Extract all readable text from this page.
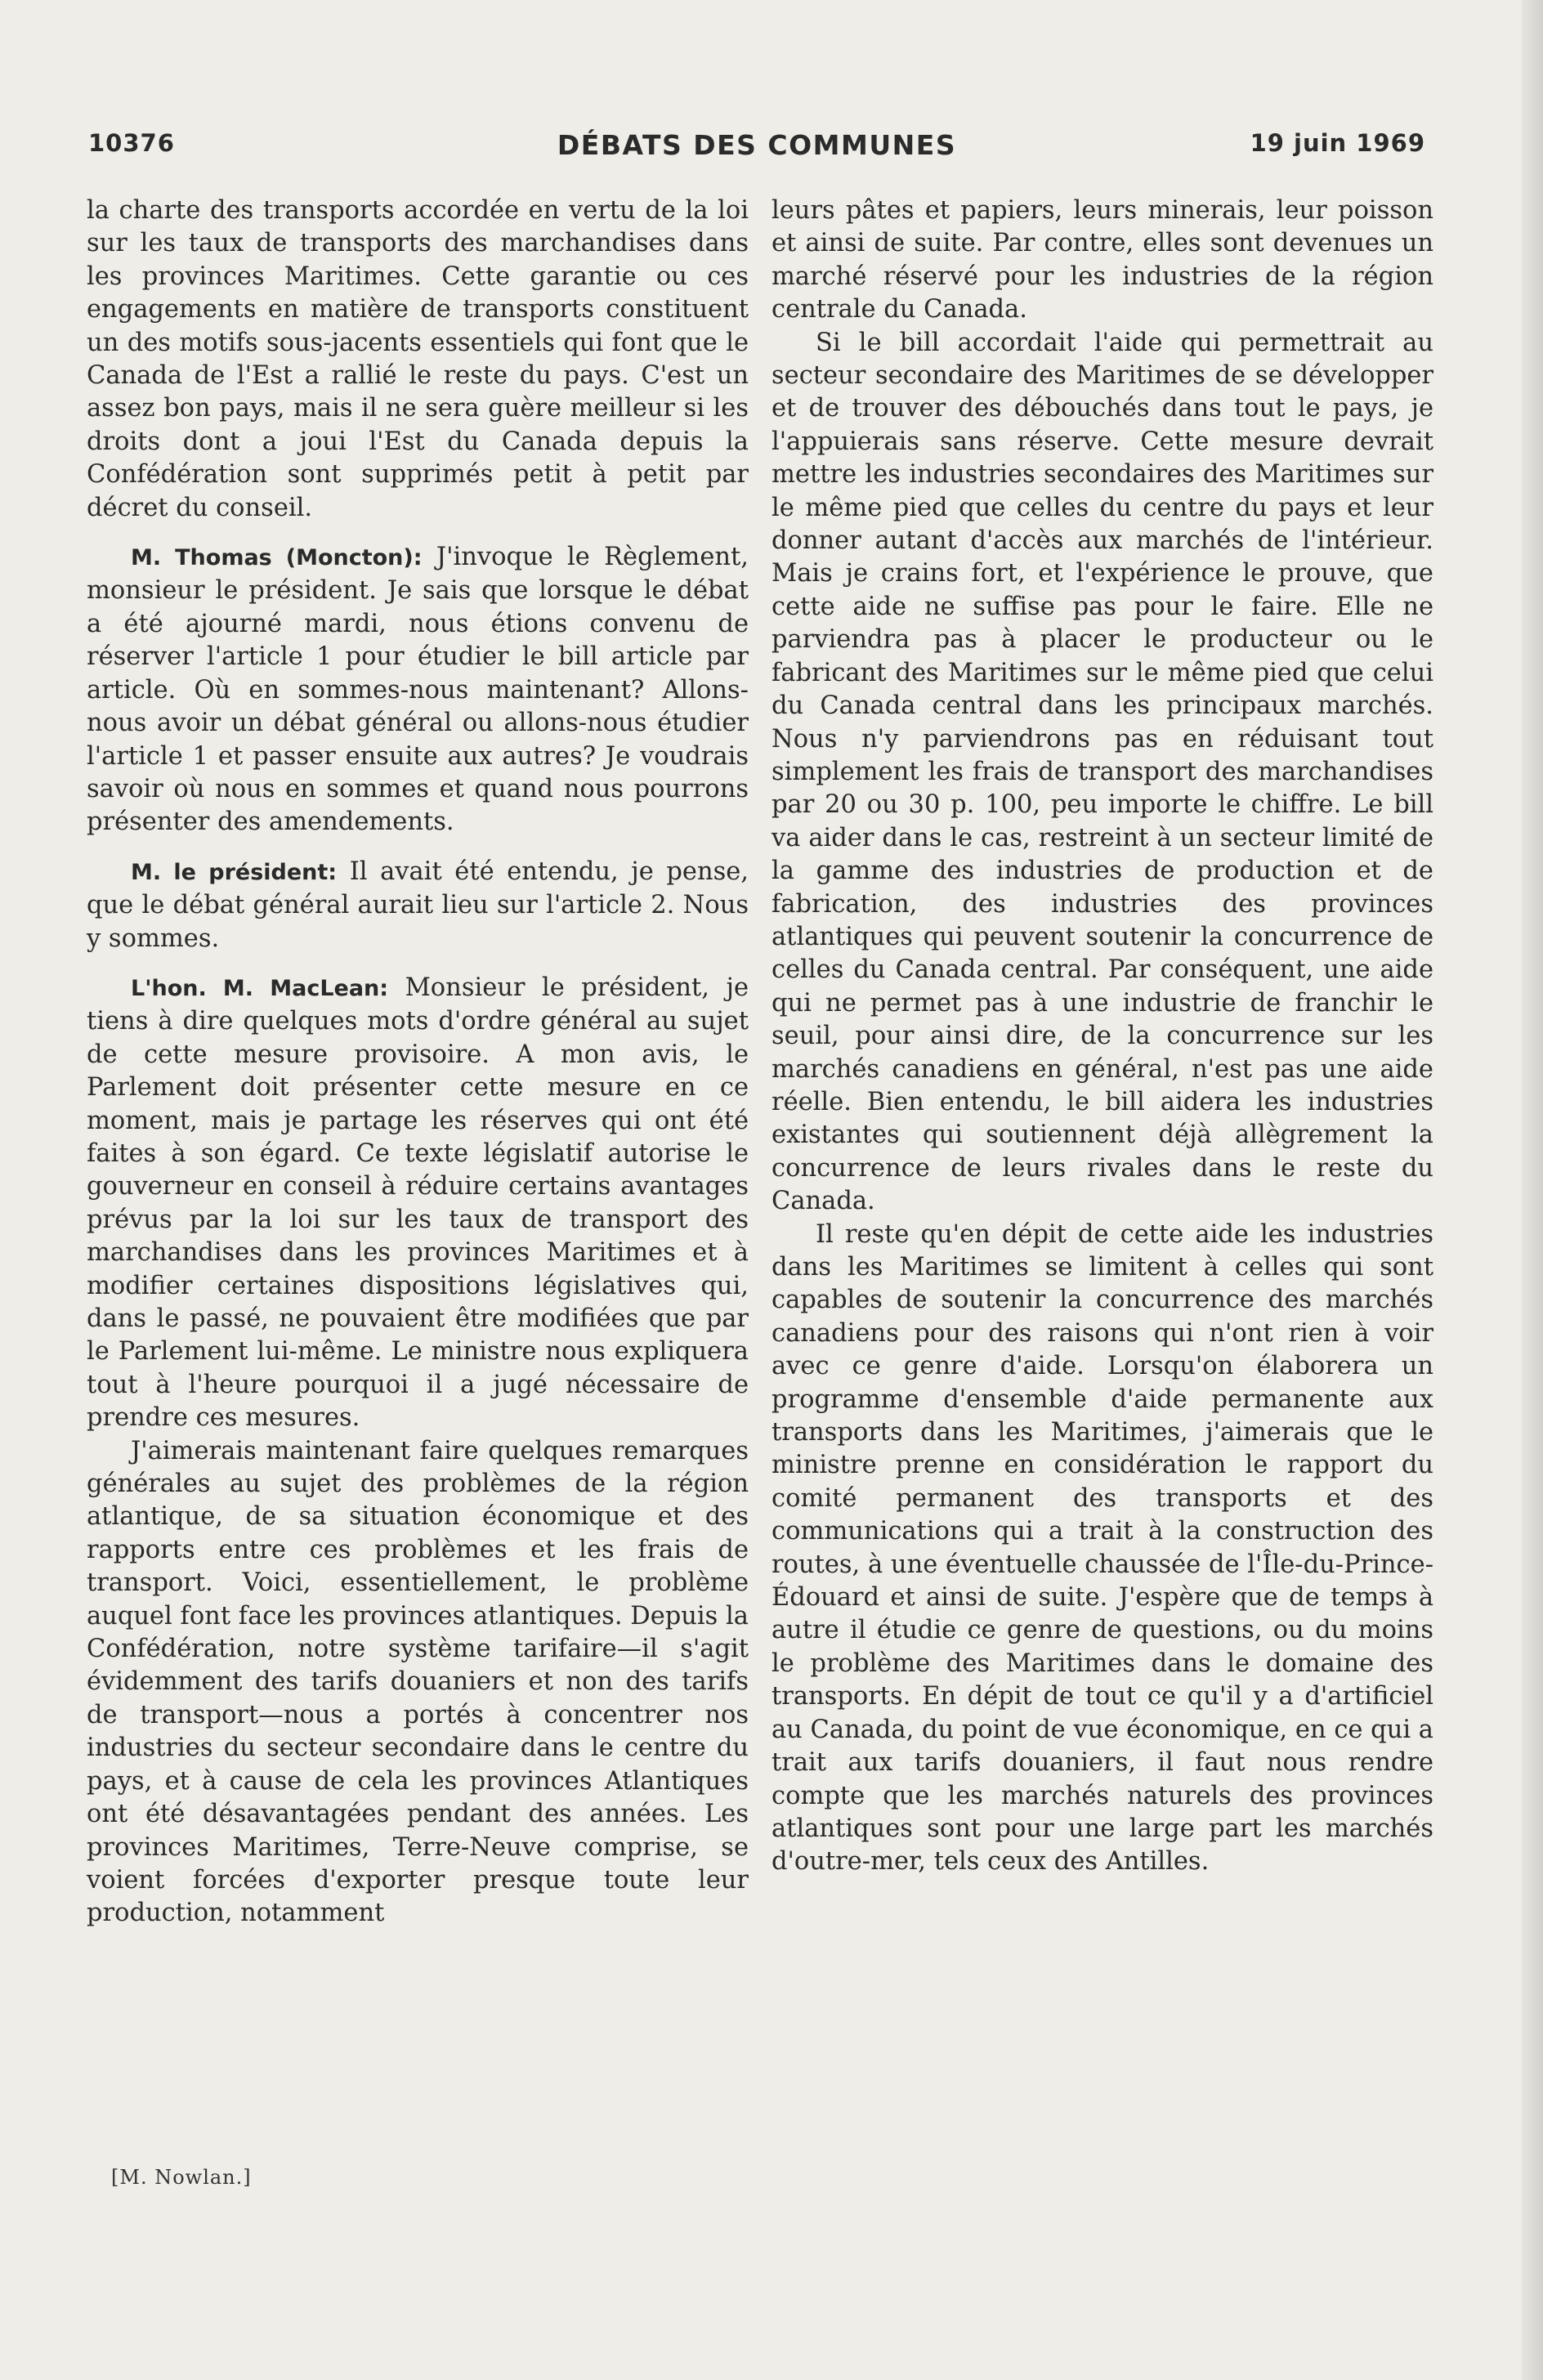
10376	DÉBATS DES COMMUNES	19 juin 1969

la charte des transports accordée en vertu de la loi sur les taux de transports des marchandises dans les provinces Maritimes. Cette garantie ou ces engagements en matière de transports constituent un des motifs sous-jacents essentiels qui font que le Canada de l'Est a rallié le reste du pays. C'est un assez bon pays, mais il ne sera guère meilleur si les droits dont a joui l'Est du Canada depuis la Confédération sont supprimés petit à petit par décret du conseil.

M. Thomas (Moncton): J'invoque le Règlement, monsieur le président. Je sais que lorsque le débat a été ajourné mardi, nous étions convenu de réserver l'article 1 pour étudier le bill article par article. Où en sommes-nous maintenant? Allons-nous avoir un débat général ou allons-nous étudier l'article 1 et passer ensuite aux autres? Je voudrais savoir où nous en sommes et quand nous pourrons présenter des amendements.

M. le président: Il avait été entendu, je pense, que le débat général aurait lieu sur l'article 2. Nous y sommes.

L'hon. M. MacLean: Monsieur le président, je tiens à dire quelques mots d'ordre général au sujet de cette mesure provisoire. A mon avis, le Parlement doit présenter cette mesure en ce moment, mais je partage les réserves qui ont été faites à son égard. Ce texte législatif autorise le gouverneur en conseil à réduire certains avantages prévus par la loi sur les taux de transport des marchandises dans les provinces Maritimes et à modifier certaines dispositions législatives qui, dans le passé, ne pouvaient être modifiées que par le Parlement lui-même. Le ministre nous expliquera tout à l'heure pourquoi il a jugé nécessaire de prendre ces mesures.

J'aimerais maintenant faire quelques remarques générales au sujet des problèmes de la région atlantique, de sa situation économique et des rapports entre ces problèmes et les frais de transport. Voici, essentiellement, le problème auquel font face les provinces atlantiques. Depuis la Confédération, notre système tarifaire—il s'agit évidemment des tarifs douaniers et non des tarifs de transport—nous a portés à concentrer nos industries du secteur secondaire dans le centre du pays, et à cause de cela les provinces Atlantiques ont été désavantagées pendant des années. Les provinces Maritimes, Terre-Neuve comprise, se voient forcées d'exporter presque toute leur production, notamment

leurs pâtes et papiers, leurs minerais, leur poisson et ainsi de suite. Par contre, elles sont devenues un marché réservé pour les industries de la région centrale du Canada.

Si le bill accordait l'aide qui permettrait au secteur secondaire des Maritimes de se développer et de trouver des débouchés dans tout le pays, je l'appuierais sans réserve. Cette mesure devrait mettre les industries secondaires des Maritimes sur le même pied que celles du centre du pays et leur donner autant d'accès aux marchés de l'intérieur. Mais je crains fort, et l'expérience le prouve, que cette aide ne suffise pas pour le faire. Elle ne parviendra pas à placer le producteur ou le fabricant des Maritimes sur le même pied que celui du Canada central dans les principaux marchés. Nous n'y parviendrons pas en réduisant tout simplement les frais de transport des marchandises par 20 ou 30 p. 100, peu importe le chiffre. Le bill va aider dans le cas, restreint à un secteur limité de la gamme des industries de production et de fabrication, des industries des provinces atlantiques qui peuvent soutenir la concurrence de celles du Canada central. Par conséquent, une aide qui ne permet pas à une industrie de franchir le seuil, pour ainsi dire, de la concurrence sur les marchés canadiens en général, n'est pas une aide réelle. Bien entendu, le bill aidera les industries existantes qui soutiennent déjà allègrement la concurrence de leurs rivales dans le reste du Canada.

Il reste qu'en dépit de cette aide les industries dans les Maritimes se limitent à celles qui sont capables de soutenir la concurrence des marchés canadiens pour des raisons qui n'ont rien à voir avec ce genre d'aide. Lorsqu'on élaborera un programme d'ensemble d'aide permanente aux transports dans les Maritimes, j'aimerais que le ministre prenne en considération le rapport du comité permanent des transports et des communications qui a trait à la construction des routes, à une éventuelle chaussée de l'Île-du-Prince-Édouard et ainsi de suite. J'espère que de temps à autre il étudie ce genre de questions, ou du moins le problème des Maritimes dans le domaine des transports. En dépit de tout ce qu'il y a d'artificiel au Canada, du point de vue économique, en ce qui a trait aux tarifs douaniers, il faut nous rendre compte que les marchés naturels des provinces atlantiques sont pour une large part les marchés d'outre-mer, tels ceux des Antilles.

[M. Nowlan.]
